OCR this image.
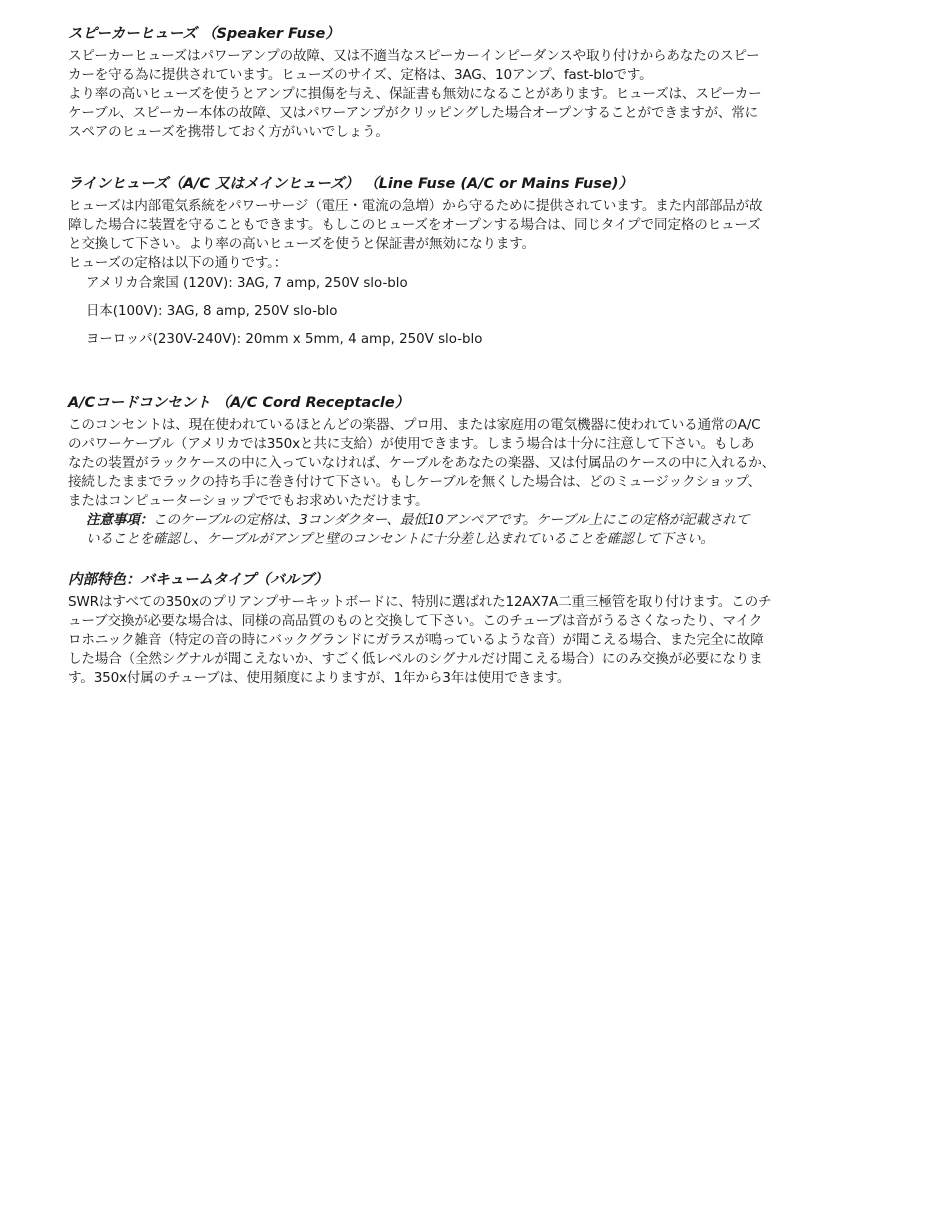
スピーカーヒューズ （Speaker Fuse）
スピーカーヒューズはパワーアンプの故障、又は不適当なスピーカーインピーダンスや取り付けからあなたのスピー
カーを守る為に提供されています。ヒューズのサイズ、定格は、3AG、10アンプ、fast-bloです。
より率の高いヒューズを使うとアンプに損傷を与え、保証書も無効になることがあります。ヒューズは、スピーカー
ケーブル、スピーカー本体の故障、又はパワーアンプがクリッピングした場合オープンすることができますが、常に
スペアのヒューズを携帯しておく方がいいでしょう。
ラインヒューズ（A/C 又はメインヒューズ） （Line Fuse (A/C or Mains Fuse)）
ヒューズは内部電気系統をパワーサージ（電圧・電流の急増）から守るために提供されています。また内部部品が故
障した場合に装置を守ることもできます。もしこのヒューズをオープンする場合は、同じタイプで同定格のヒューズ
と交換して下さい。より率の高いヒューズを使うと保証書が無効になります。
ヒューズの定格は以下の通りです。：
アメリカ合衆国 (120V): 3AG, 7 amp, 250V slo-blo
日本(100V): 3AG, 8 amp, 250V slo-blo
ヨーロッパ(230V-240V): 20mm x 5mm, 4 amp, 250V slo-blo
A/Cコードコンセント （A/C Cord Receptacle）
このコンセントは、現在使われているほとんどの楽器、プロ用、または家庭用の電気機器に使われている通常のA/C
のパワーケーブル（アメリカでは350xと共に支給）が使用できます。しまう場合は十分に注意して下さい。もしあ
なたの装置がラックケースの中に入っていなければ、ケーブルをあなたの楽器、又は付属品のケースの中に入れるか、
接続したままでラックの持ち手に巻き付けて下さい。もしケーブルを無くした場合は、どのミュージックショップ、
またはコンピューターショップででもお求めいただけます。
注意事項：このケーブルの定格は、3コンダクター、最低10アンペアです。ケーブル上にこの定格が記載されて
いることを確認し、ケーブルがアンプと壁のコンセントに十分差し込まれていることを確認して下さい。
内部特色：バキュームタイプ（バルブ）
SWRはすべての350xのプリアンプサーキットボードに、特別に選ばれた12AX7A二重三極管を取り付けます。このチ
ューブ交換が必要な場合は、同様の高品質のものと交換して下さい。このチューブは音がうるさくなったり、マイク
ロホニック雑音（特定の音の時にバックグランドにガラスが鳴っているような音）が聞こえる場合、また完全に故障
した場合（全然シグナルが聞こえないか、すごく低レベルのシグナルだけ聞こえる場合）にのみ交換が必要になりま
す。350x付属のチューブは、使用頻度によりますが、1年から3年は使用できます。
